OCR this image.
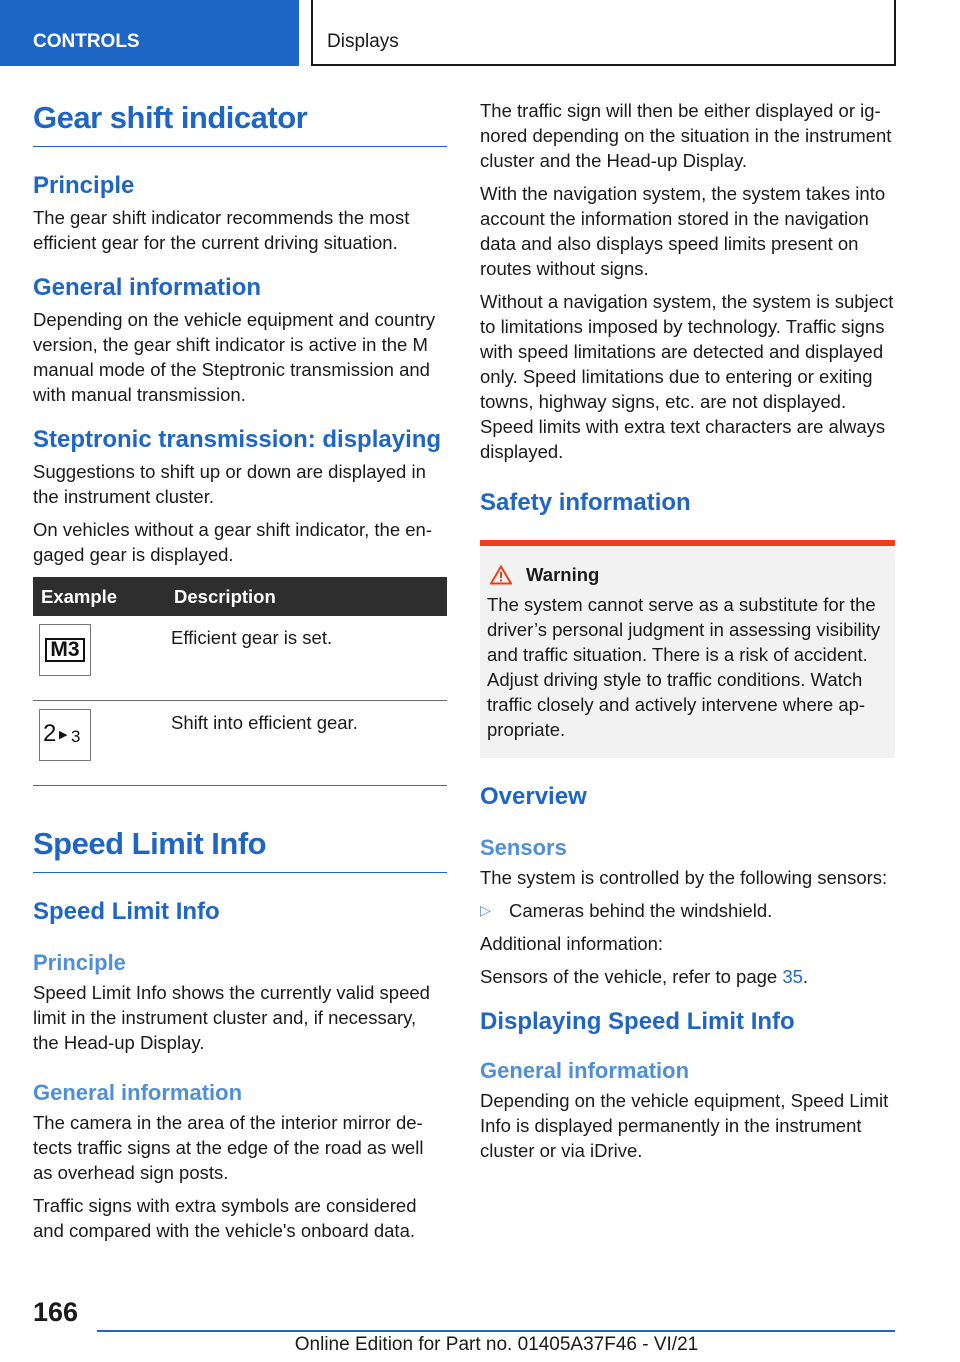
CONTROLS	Displays
Gear shift indicator
Principle

The gear shift indicator recommends the most efficient gear for the current driving situation.

General information

Depending on the vehicle equipment and country version, the gear shift indicator is active in the M manual mode of the Steptronic transmission and with manual transmission.

Steptronic transmission: displaying

Suggestions to shift up or down are displayed in the instrument cluster.

On vehicles without a gear shift indicator, the engaged gear is displayed.

Example	Description

M3	Efficient gear is set.

2 ▶ 3	Shift into efficient gear.
Speed Limit Info
Speed Limit Info
Principle

Speed Limit Info shows the currently valid speed limit in the instrument cluster and, if necessary, the Head-up Display.

General information

The camera in the area of the interior mirror detects traffic signs at the edge of the road as well as overhead sign posts.

Traffic signs with extra symbols are considered and compared with the vehicle's onboard data.

The traffic sign will then be either displayed or ignored depending on the situation in the instrument cluster and the Head-up Display.

With the navigation system, the system takes into account the information stored in the navigation data and also displays speed limits present on routes without signs.

Without a navigation system, the system is subject to limitations imposed by technology. Traffic signs with speed limitations are detected and displayed only. Speed limitations due to entering or exiting towns, highway signs, etc. are not displayed. Speed limits with extra text characters are always displayed.

Safety information
Warning

The system cannot serve as a substitute for the driver’s personal judgment in assessing visibility and traffic situation. There is a risk of accident. Adjust driving style to traffic conditions. Watch traffic closely and actively intervene where appropriate.

Overview
Sensors

The system is controlled by the following sensors:

▷ Cameras behind the windshield.

Additional information:

Sensors of the vehicle, refer to page 35.

Displaying Speed Limit Info
General information

Depending on the vehicle equipment, Speed Limit Info is displayed permanently in the instrument cluster or via iDrive.

166
Online Edition for Part no. 01405A37F46 - VI/21
